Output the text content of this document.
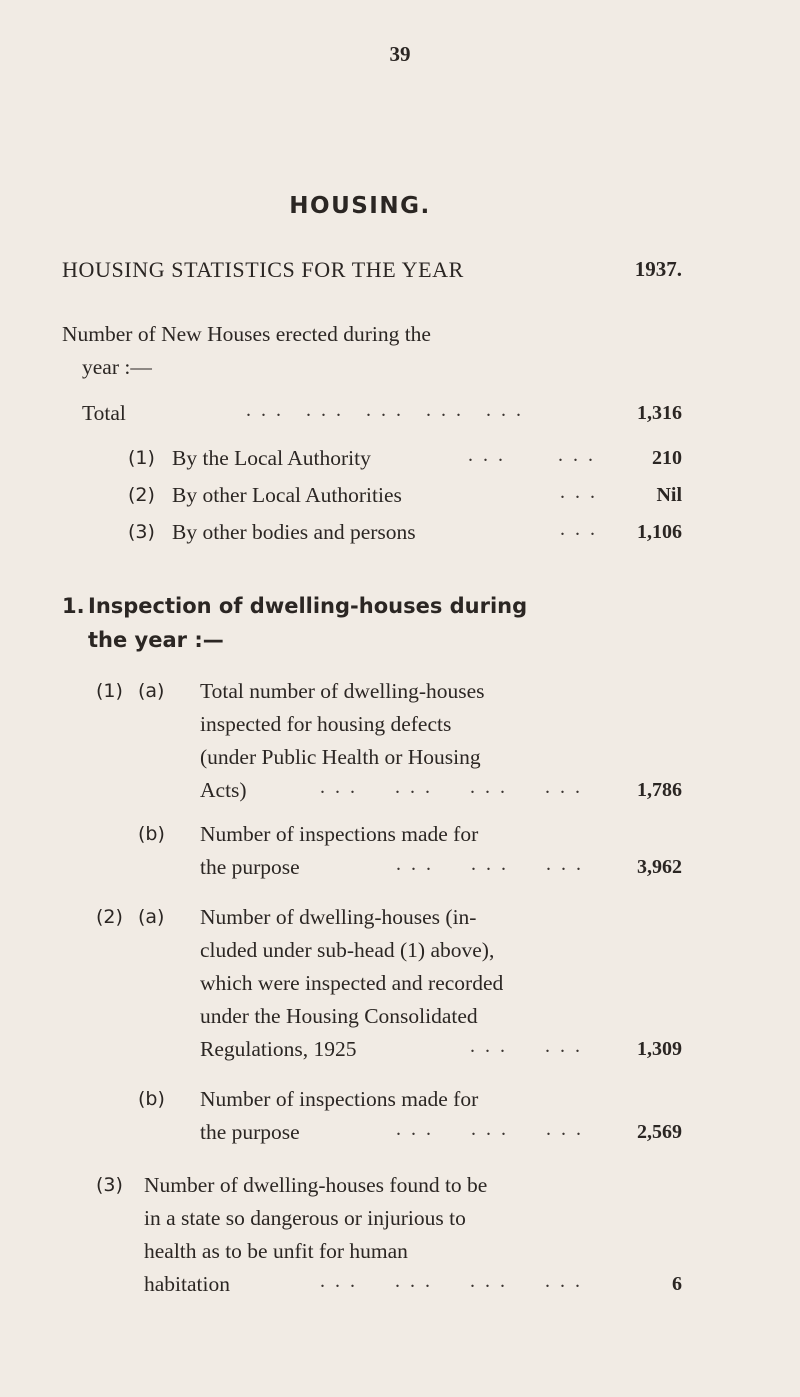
39
HOUSING.
HOUSING STATISTICS FOR THE YEAR	1937.
Number of New Houses erected during the
year :—
Total	... ... ... ... ...	1,316
(1) By the Local Authority	...   ... 210
(2) By other Local Authorities	...	Nil
(3) By other bodies and persons	... 1,106
1. Inspection of dwelling-houses during
the year :—
(1) (a) Total number of dwelling-houses
inspected for housing defects
(under Public Health or Housing
Acts)	...  ...  ...  ... 1,786
(b) Number of inspections made for
the purpose	...  ...  ... 3,962
(2) (a) Number of dwelling-houses (in-
cluded under sub-head (1) above),
which were inspected and recorded
under the Housing Consolidated
Regulations, 1925	...  ... 1,309
(b) Number of inspections made for
the purpose	...  ...  ... 2,569
(3) Number of dwelling-houses found to be
in a state so dangerous or injurious to
health as to be unfit for human
habitation	...  ...  ...  ...	6
